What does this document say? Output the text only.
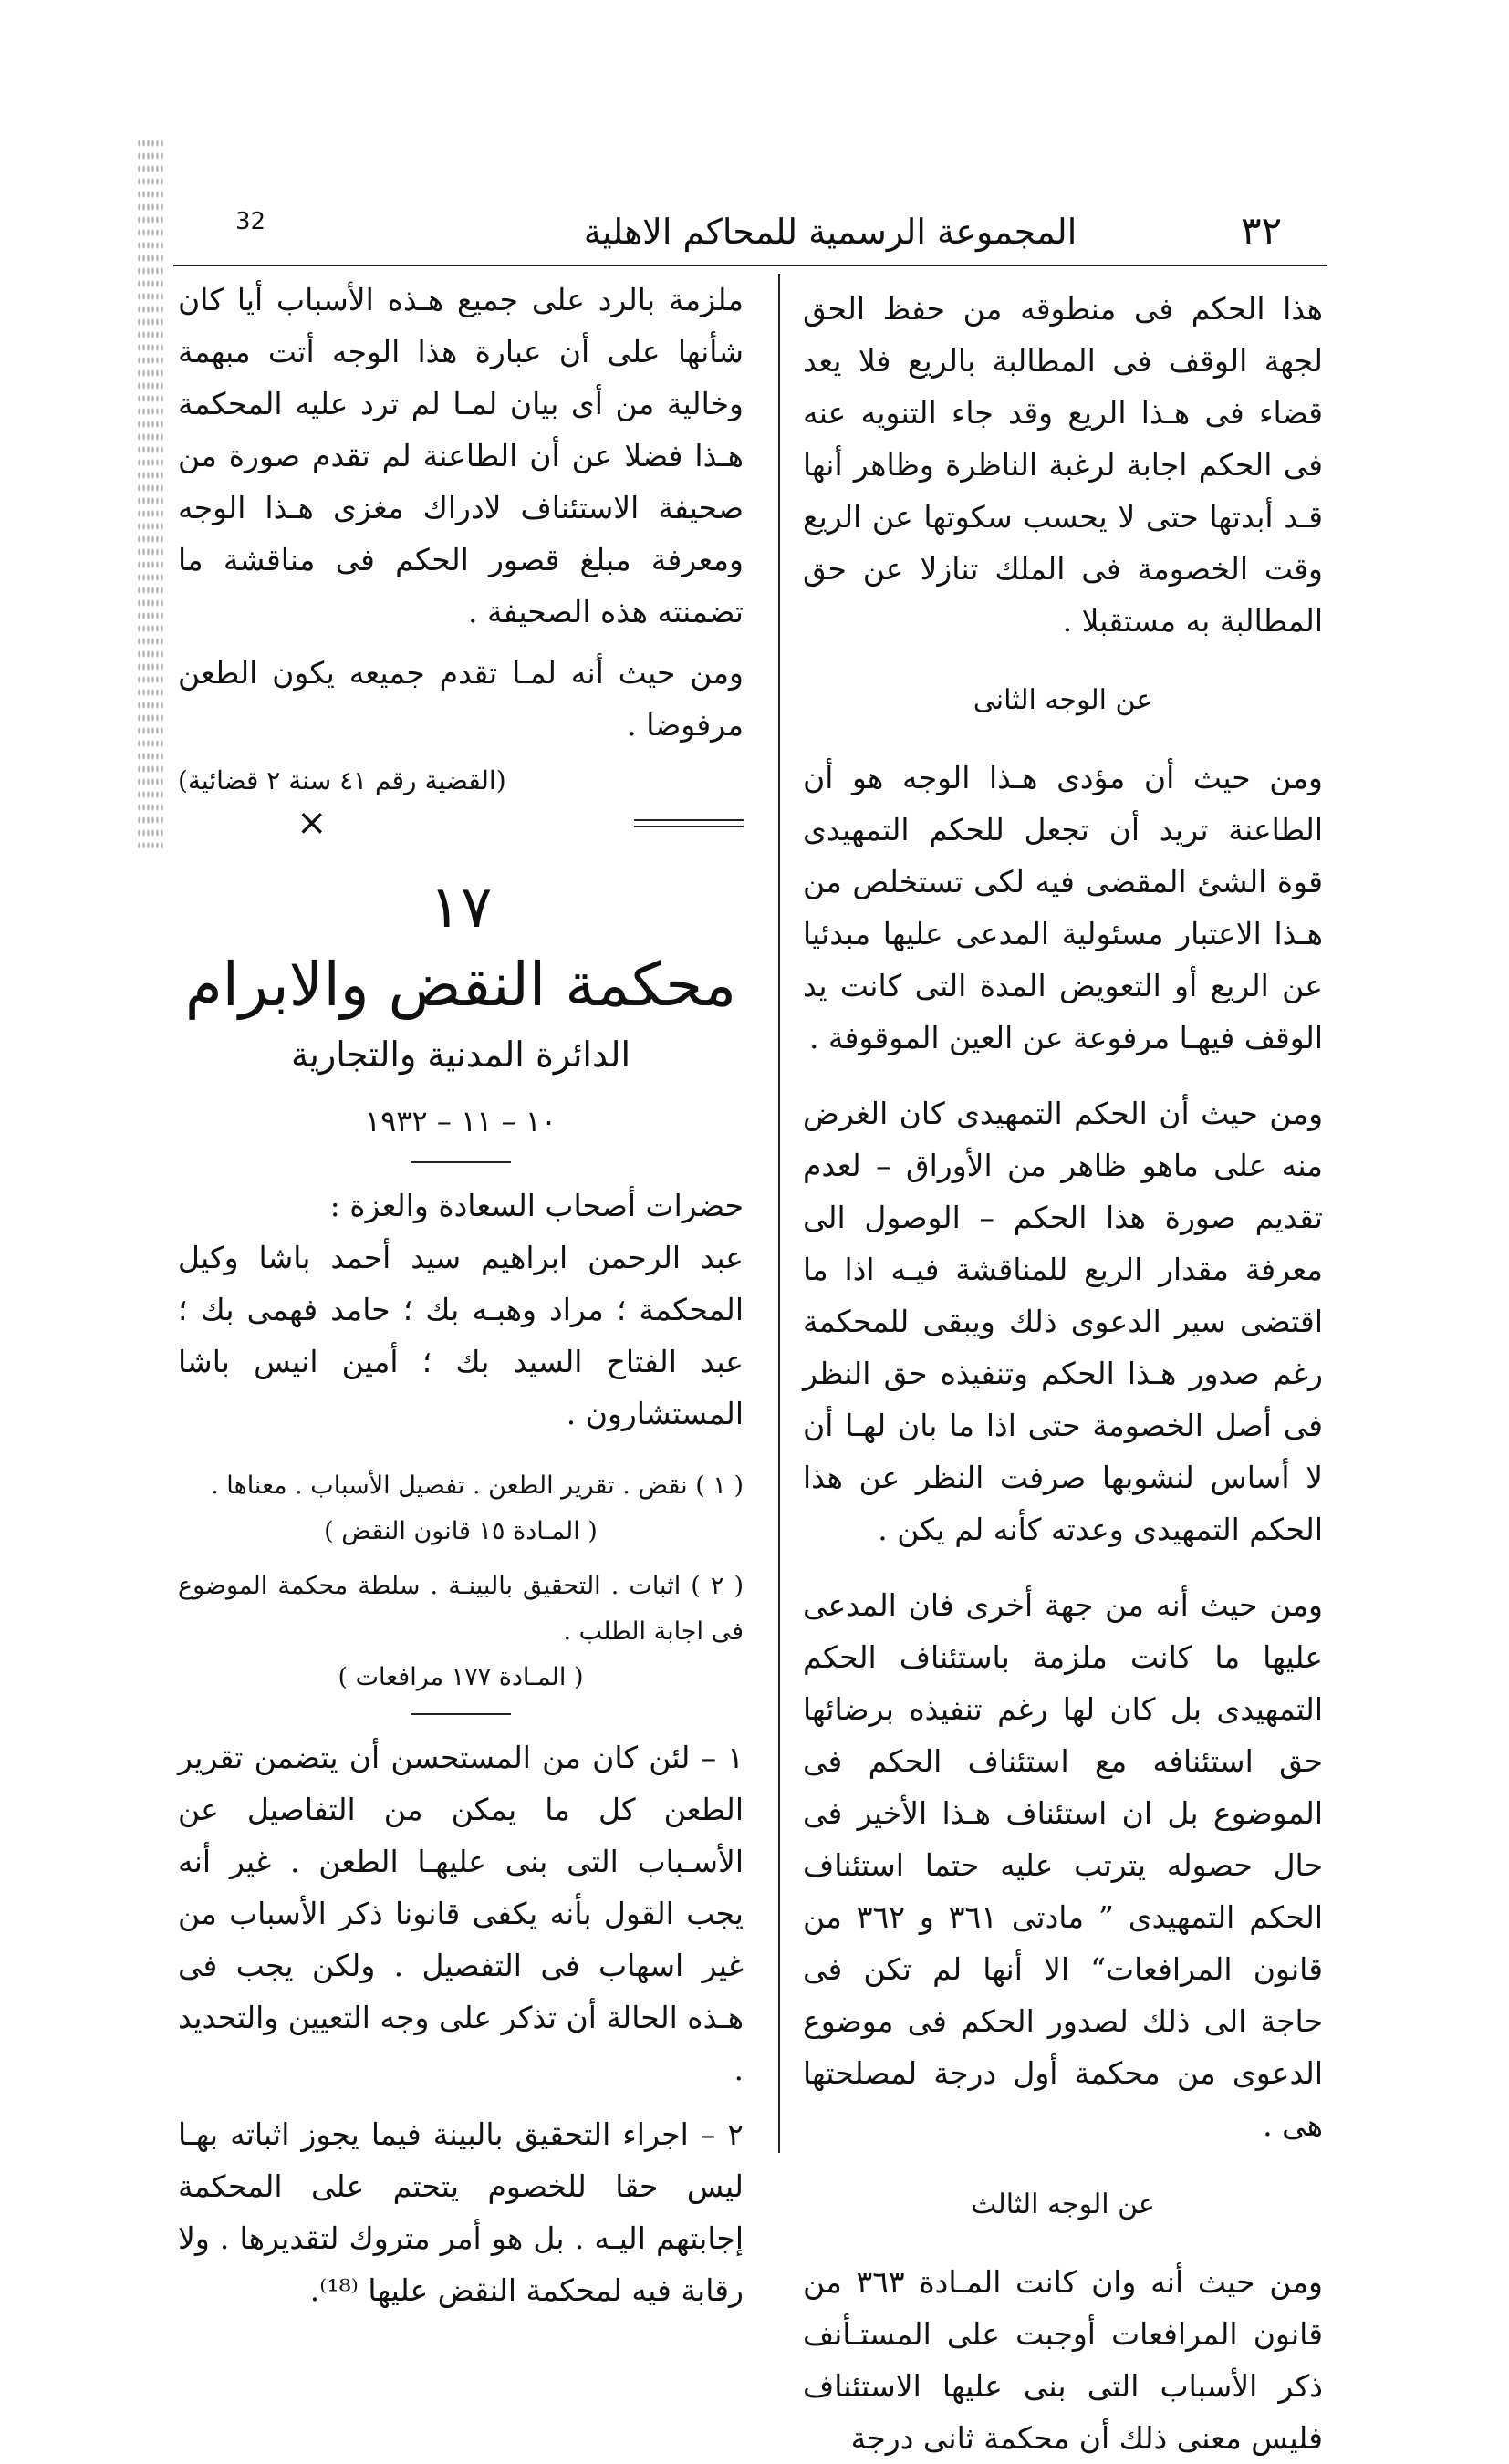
32	المجموعة الرسمية للمحاكم الاهلية	٣٢

هذا الحكم فى منطوقه من حفظ الحق لجهة الوقف فى المطالبة بالريع فلا يعد قضاء فى هـذا الريع وقد جاء التنويه عنه فى الحكم اجابة لرغبة الناظرة وظاهر أنها قـد أبدتها حتى لا يحسب سكوتها عن الريع وقت الخصومة فى الملك تنازلا عن حق المطالبة به مستقبلا .

عن الوجه الثانى

ومن حيث أن مؤدى هـذا الوجه هو أن الطاعنة تريد أن تجعل للحكم التمهيدى قوة الشئ المقضى فيه لكى تستخلص من هـذا الاعتبار مسئولية المدعى عليها مبدئيا عن الريع أو التعويض المدة التى كانت يد الوقف فيهـا مرفوعة عن العين الموقوفة .

ومن حيث أن الحكم التمهيدى كان الغرض منه على ماهو ظاهر من الأوراق – لعدم تقديم صورة هذا الحكم – الوصول الى معرفة مقدار الريع للمناقشة فيـه اذا ما اقتضى سير الدعوى ذلك ويبقى للمحكمة رغم صدور هـذا الحكم وتنفيذه حق النظر فى أصل الخصومة حتى اذا ما بان لهـا أن لا أساس لنشوبها صرفت النظر عن هذا الحكم التمهيدى وعدته كأنه لم يكن .

ومن حيث أنه من جهة أخرى فان المدعى عليها ما كانت ملزمة باستئناف الحكم التمهيدى بل كان لها رغم تنفيذه برضائها حق استئنافه مع استئناف الحكم فى الموضوع بل ان استئناف هـذا الأخير فى حال حصوله يترتب عليه حتما استئناف الحكم التمهيدى ” مادتى ٣٦١ و ٣٦٢ من قانون المرافعات“ الا أنها لم تكن فى حاجة الى ذلك لصدور الحكم فى موضوع الدعوى من محكمة أول درجة لمصلحتها هى .

عن الوجه الثالث

ومن حيث أنه وان كانت المـادة ٣٦٣ من قانون المرافعات أوجبت على المستـأنف ذكر الأسباب التى بنى عليها الاستئناف فليس معنى ذلك أن محكمة ثانى درجة

ملزمة بالرد على جميع هـذه الأسباب أيا كان شأنها على أن عبارة هذا الوجه أتت مبهمة وخالية من أى بيان لمـا لم ترد عليه المحكمة هـذا فضلا عن أن الطاعنة لم تقدم صورة من صحيفة الاستئناف لادراك مغزى هـذا الوجه ومعرفة مبلغ قصور الحكم فى مناقشة ما تضمنته هذه الصحيفة .

ومن حيث أنه لمـا تقدم جميعه يكون الطعن مرفوضا .

(القضية رقم ٤١ سنة ٢ قضائية)
×
١٧
محكمة النقض والابرام
الدائرة المدنية والتجارية
١٠ – ١١ – ١٩٣٢

حضرات أصحاب السعادة والعزة :

عبد الرحمن ابراهيم سيد أحمد باشا وكيل المحكمة ؛ مراد وهبـه بك ؛ حامد فهمى بك ؛ عبد الفتاح السيد بك ؛ أمين انيس باشا المستشارون .

( ١ ) نقض . تقرير الطعن . تفصيل الأسباب . معناها .

( المـادة ١٥ قانون النقض )

( ٢ ) اثبات . التحقيق بالبينـة . سلطة محكمة الموضوع فى اجابة الطلب .

( المـادة ١٧٧ مرافعات )

١ – لئن كان من المستحسن أن يتضمن تقرير الطعن كل ما يمكن من التفاصيل عن الأسـباب التى بنى عليهـا الطعن . غير أنه يجب القول بأنه يكفى قانونا ذكر الأسباب من غير اسهاب فى التفصيل . ولكن يجب فى هـذه الحالة أن تذكر على وجه التعيين والتحديد .

٢ – اجراء التحقيق بالبينة فيما يجوز اثباته بهـا ليس حقا للخصوم يتحتم على المحكمة إجابتهم اليـه . بل هو أمر متروك لتقديرها . ولا رقابة فيه لمحكمة النقض عليها ⁽¹⁸⁾.
